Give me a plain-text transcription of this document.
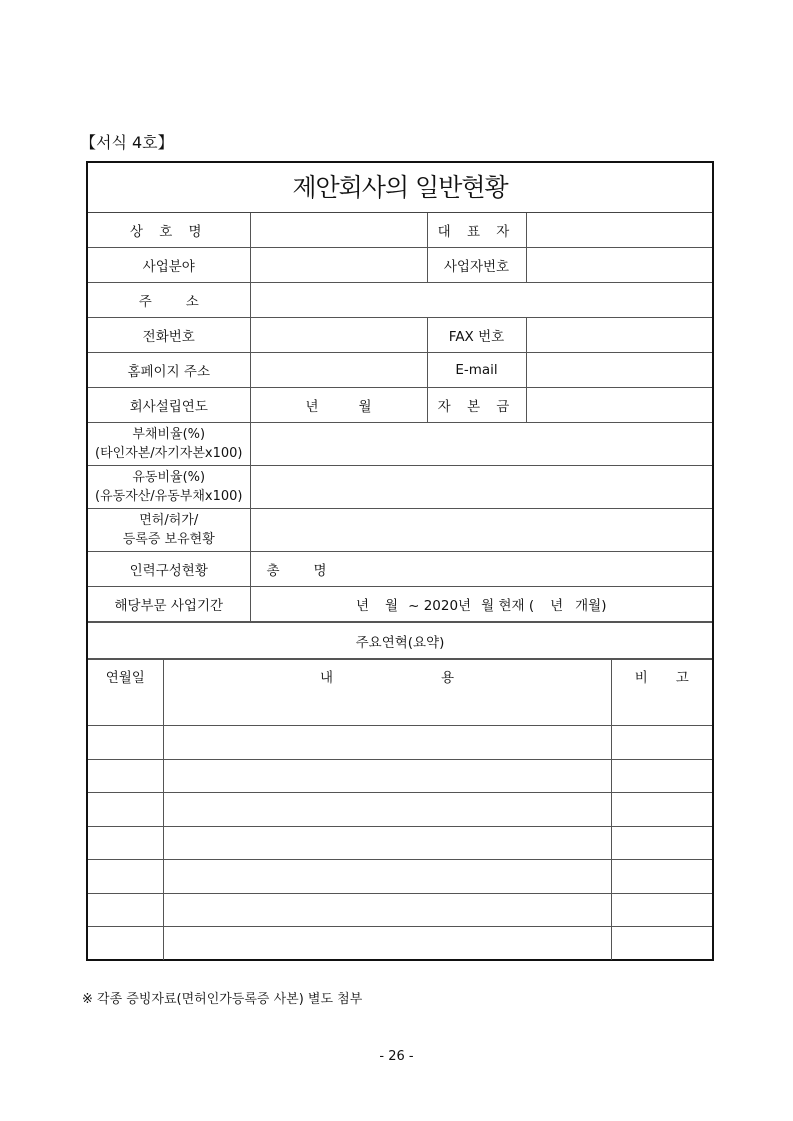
【서식 4호】
제안회사의 일반현황
상 호 명		대 표 자	
사업분야		사업자번호	
주 소			
전화번호		FAX 번호	
홈페이지 주소		E-mail	
회사설립연도	년 월	자 본 금	

부채비율(%)
(타인자본/자기자본x100)			

유동비율(%)
(유동자산/유동부채x100)			

면허/허가/
등록증 보유현황			

인력구성현황	총 명		
해당부문 사업기간	년 월 ~ 2020년 월 현재 ( 년 개월)		
주요연혁(요약)
연월일	내 용	비 고

※ 각종 증빙자료(면허인가등록증 사본) 별도 첨부
- 26 -
